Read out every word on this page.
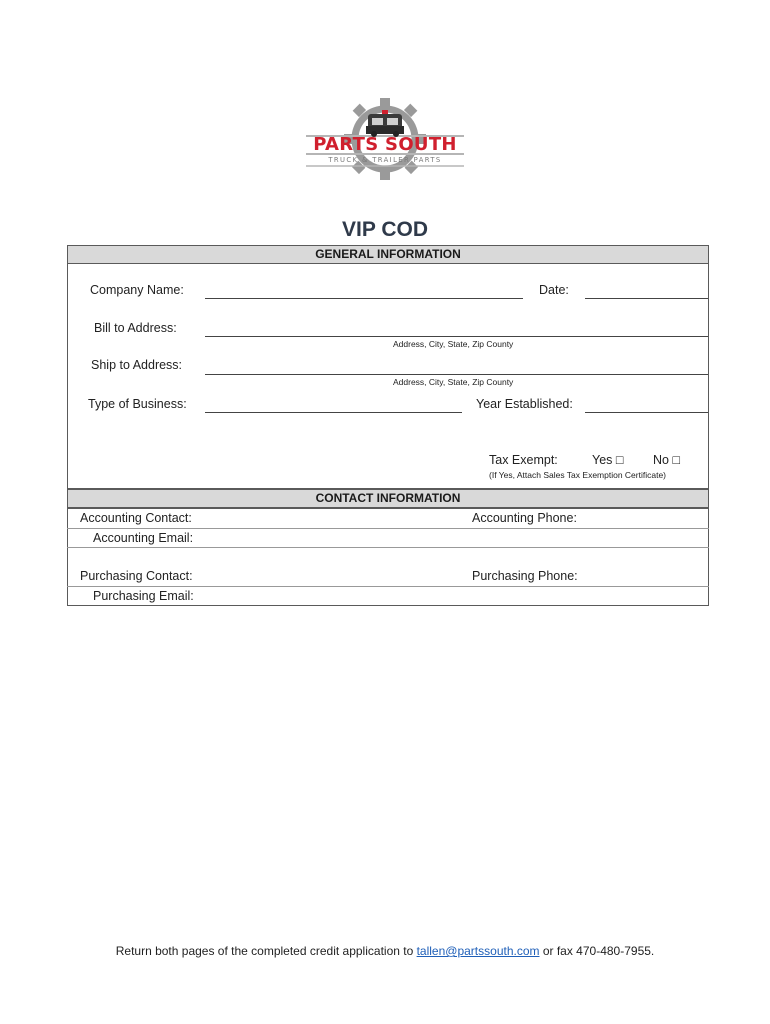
PARTS SOUTH
TRUCK & TRAILER PARTS
VIP COD
GENERAL INFORMATION
Company Name:	Date:
Bill to Address:
Address, City, State, Zip County
Ship to Address:
Address, City, State, Zip County
Type of Business:	Year Established:
Tax Exempt:	Yes □ No □
(If Yes, Attach Sales Tax Exemption Certificate)
CONTACT INFORMATION
Accounting Contact:	Accounting Phone:
Accounting Email:
Purchasing Contact:	Purchasing Phone:
Purchasing Email:
Return both pages of the completed credit application to tallen@partssouth.com or fax 470-480-7955.
